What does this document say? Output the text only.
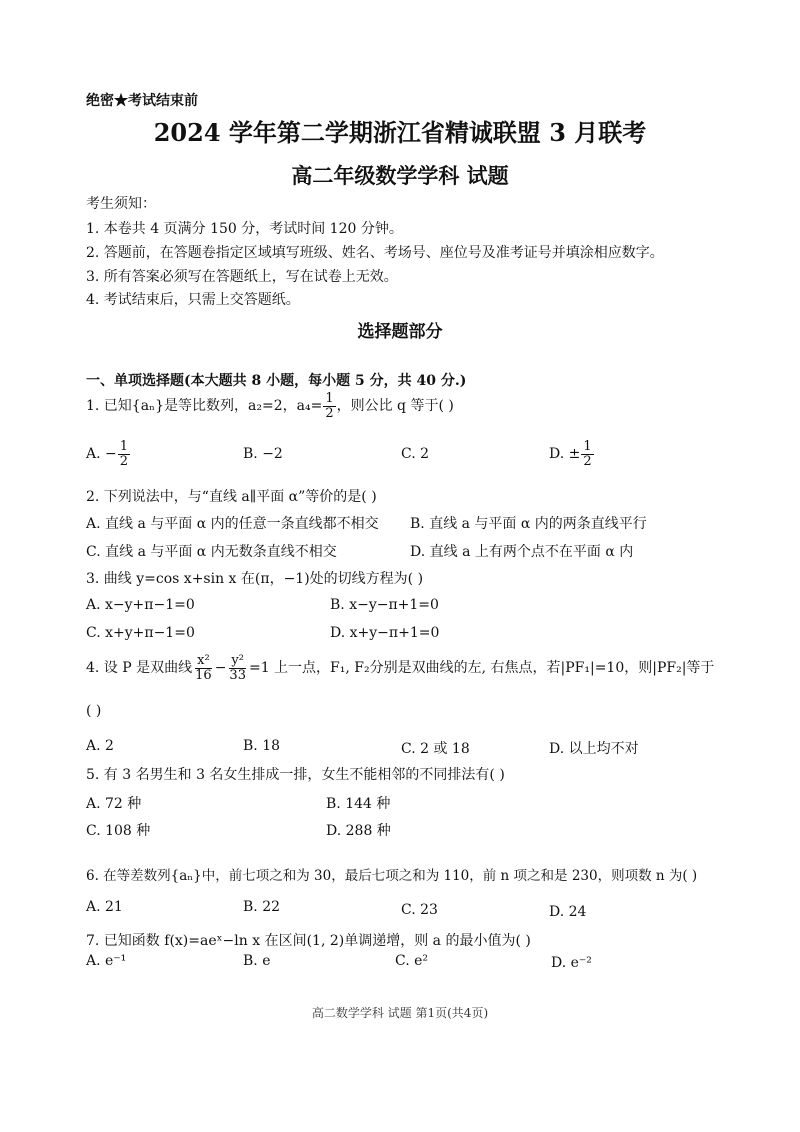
绝密★考试结束前
2024 学年第二学期浙江省精诚联盟 3 月联考
高二年级数学学科 试题
考生须知：
1. 本卷共 4 页满分 150 分，考试时间 120 分钟。
2. 答题前，在答题卷指定区域填写班级、姓名、考场号、座位号及准考证号并填涂相应数字。
3. 所有答案必须写在答题纸上，写在试卷上无效。
4. 考试结束后，只需上交答题纸。
选择题部分
一、单项选择题(本大题共 8 小题，每小题 5 分，共 40 分.)
1. 已知{aₙ}是等比数列，a₂=2，$a_4= \frac{1}{2}$ ，则公比 q 等于( )
A. − $\frac{1}{2}$	B. −2	C. 2	D. ± $\frac{1}{2}$
2. 下列说法中，与“直线 a∥平面 α”等价的是( )
A. 直线 a 与平面 α 内的任意一条直线都不相交 B. 直线 a 与平面 α 内的两条直线平行
C. 直线 a 与平面 α 内无数条直线不相交	D. 直线 a 上有两个点不在平面 α 内
3. 曲线 y=cos x+sin x 在(π，−1)处的切线方程为( )
A. x−y+π−1=0	B. x−y−π+1=0
C. x+y+π−1=0	D. x+y−π+1=0
4. 设 P 是双曲线 $\frac{\text{x²}}{16} - \frac{\text{y²}}{33} =1$ 上一点，F₁, F₂分别是双曲线的左, 右焦点，若|PF₁|=10，则|PF₂|等于
( )
A. 2	B. 18	C. 2 或 18	D. 以上均不对
5. 有 3 名男生和 3 名女生排成一排，女生不能相邻的不同排法有( )
A. 72 种	B. 144 种
C. 108 种	D. 288 种
6. 在等差数列{aₙ}中，前七项之和为 30，最后七项之和为 110，前 n 项之和是 230，则项数 n 为( )
A. 21	B. 22	C. 23	D. 24
7. 已知函数 f(x)=aeˣ−ln x 在区间(1, 2)单调递增，则 a 的最小值为( )
A. e⁻¹	B. e	C. e²	D. e⁻²
高二数学学科 试题 第1页(共4页)
